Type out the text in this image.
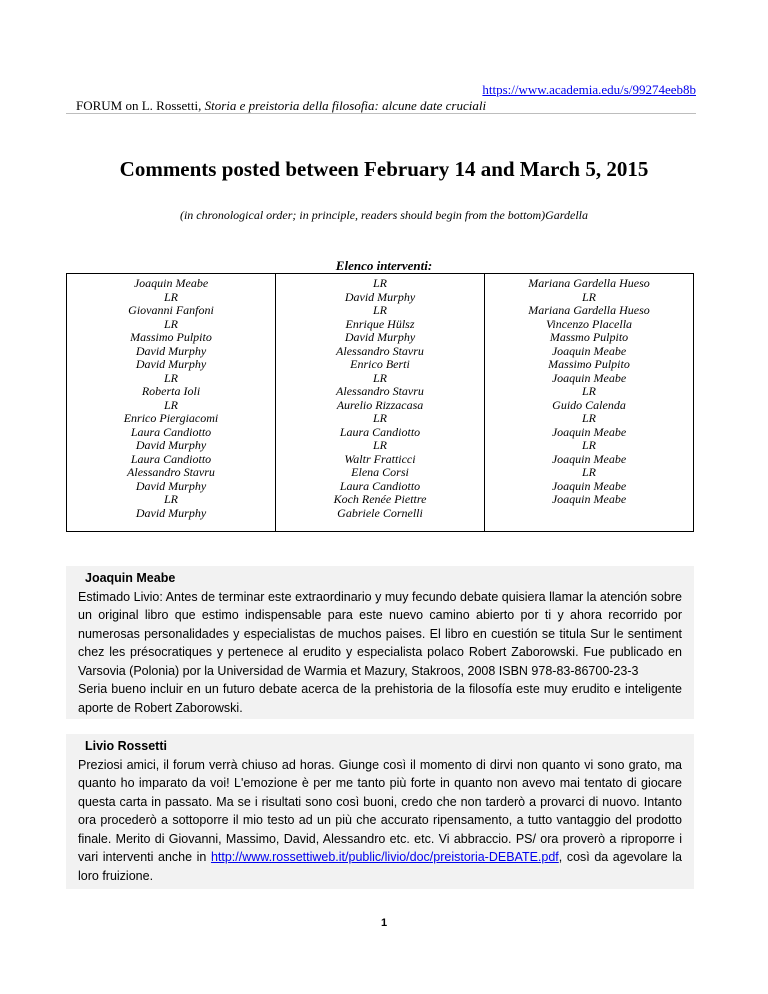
https://www.academia.edu/s/99274eeb8b
FORUM on L. Rossetti, Storia e preistoria della filosofia: alcune date cruciali
Comments posted between February 14 and March 5, 2015
(in chronological order; in principle, readers should begin from the bottom)Gardella
Elenco interventi:
Joaquin Meabe
LR
Giovanni Fanfoni
LR
Massimo Pulpito
David Murphy
David Murphy
LR
Roberta Ioli
LR
Enrico Piergiacomi
Laura Candiotto
David Murphy
Laura Candiotto
Alessandro Stavru
David Murphy
LR
David Murphy
LR
David Murphy
LR
Enrique Hülsz
David Murphy
Alessandro Stavru
Enrico Berti
LR
Alessandro Stavru
Aurelio Rizzacasa
LR
Laura Candiotto
LR
Waltr Fratticci
Elena Corsi
Laura Candiotto
Koch Renée Piettre
Gabriele Cornelli
Mariana Gardella Hueso
LR
Mariana Gardella Hueso
Vincenzo Placella
Massmo Pulpito
Joaquin Meabe
Massimo Pulpito
Joaquin Meabe
LR
Guido Calenda
LR
Joaquin Meabe
LR
Joaquin Meabe
LR
Joaquin Meabe
Joaquin Meabe
Joaquin Meabe

Estimado Livio: Antes de terminar este extraordinario y muy fecundo debate quisiera llamar la atención sobre un original libro que estimo indispensable para este nuevo camino abierto por ti y ahora recorrido por numerosas personalidades y especialistas de muchos paises. El libro en cuestión se titula Sur le sentiment chez les présocratiques y pertenece al erudito y especialista polaco Robert Zaborowski. Fue publicado en Varsovia (Polonia) por la Universidad de Warmia et Mazury, Stakroos, 2008 ISBN 978-83-86700-23-3

Seria bueno incluir en un futuro debate acerca de la prehistoria de la filosofía este muy erudito e inteligente aporte de Robert Zaborowski.

Livio Rossetti

Preziosi amici, il forum verrà chiuso ad horas. Giunge così il momento di dirvi non quanto vi sono grato, ma quanto ho imparato da voi! L'emozione è per me tanto più forte in quanto non avevo mai tentato di giocare questa carta in passato. Ma se i risultati sono così buoni, credo che non tarderò a provarci di nuovo. Intanto ora procederò a sottoporre il mio testo ad un più che accurato ripensamento, a tutto vantaggio del prodotto finale. Merito di Giovanni, Massimo, David, Alessandro etc. etc. Vi abbraccio. PS/ ora proverò a riproporre i vari interventi anche in http://www.rossettiweb.it/public/livio/doc/preistoria-DEBATE.pdf, così da agevolare la loro fruizione.

1
